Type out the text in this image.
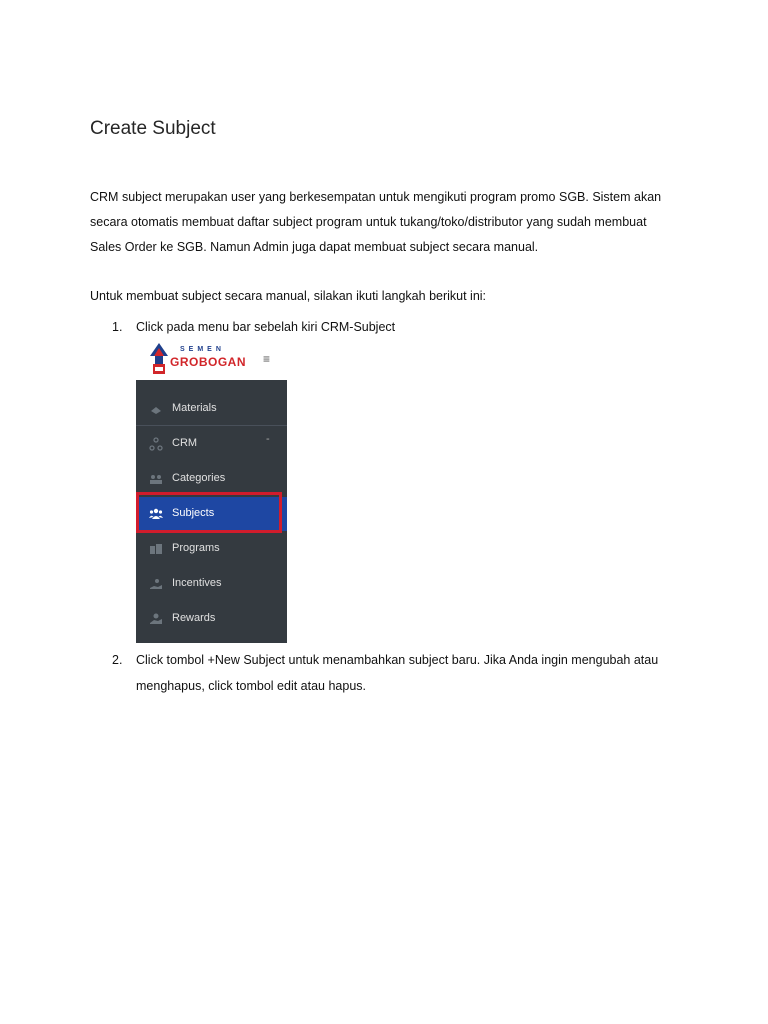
Create Subject

CRM subject merupakan user yang berkesempatan untuk mengikuti program promo SGB. Sistem akan

secara otomatis membuat daftar subject program untuk tukang/toko/distributor yang sudah membuat

Sales Order ke SGB. Namun Admin juga dapat membuat subject secara manual.

Untuk membuat subject secara manual, silakan ikuti langkah berikut ini:
1. Click pada menu bar sebelah kiri CRM-Subject
SEMEN
GROBOGAN ≡
Materials
CRM	-
Categories
Subjects
Programs
Incentives
Rewards
2. Click tombol +New Subject untuk menambahkan subject baru. Jika Anda ingin mengubah atau
menghapus, click tombol edit atau hapus.
